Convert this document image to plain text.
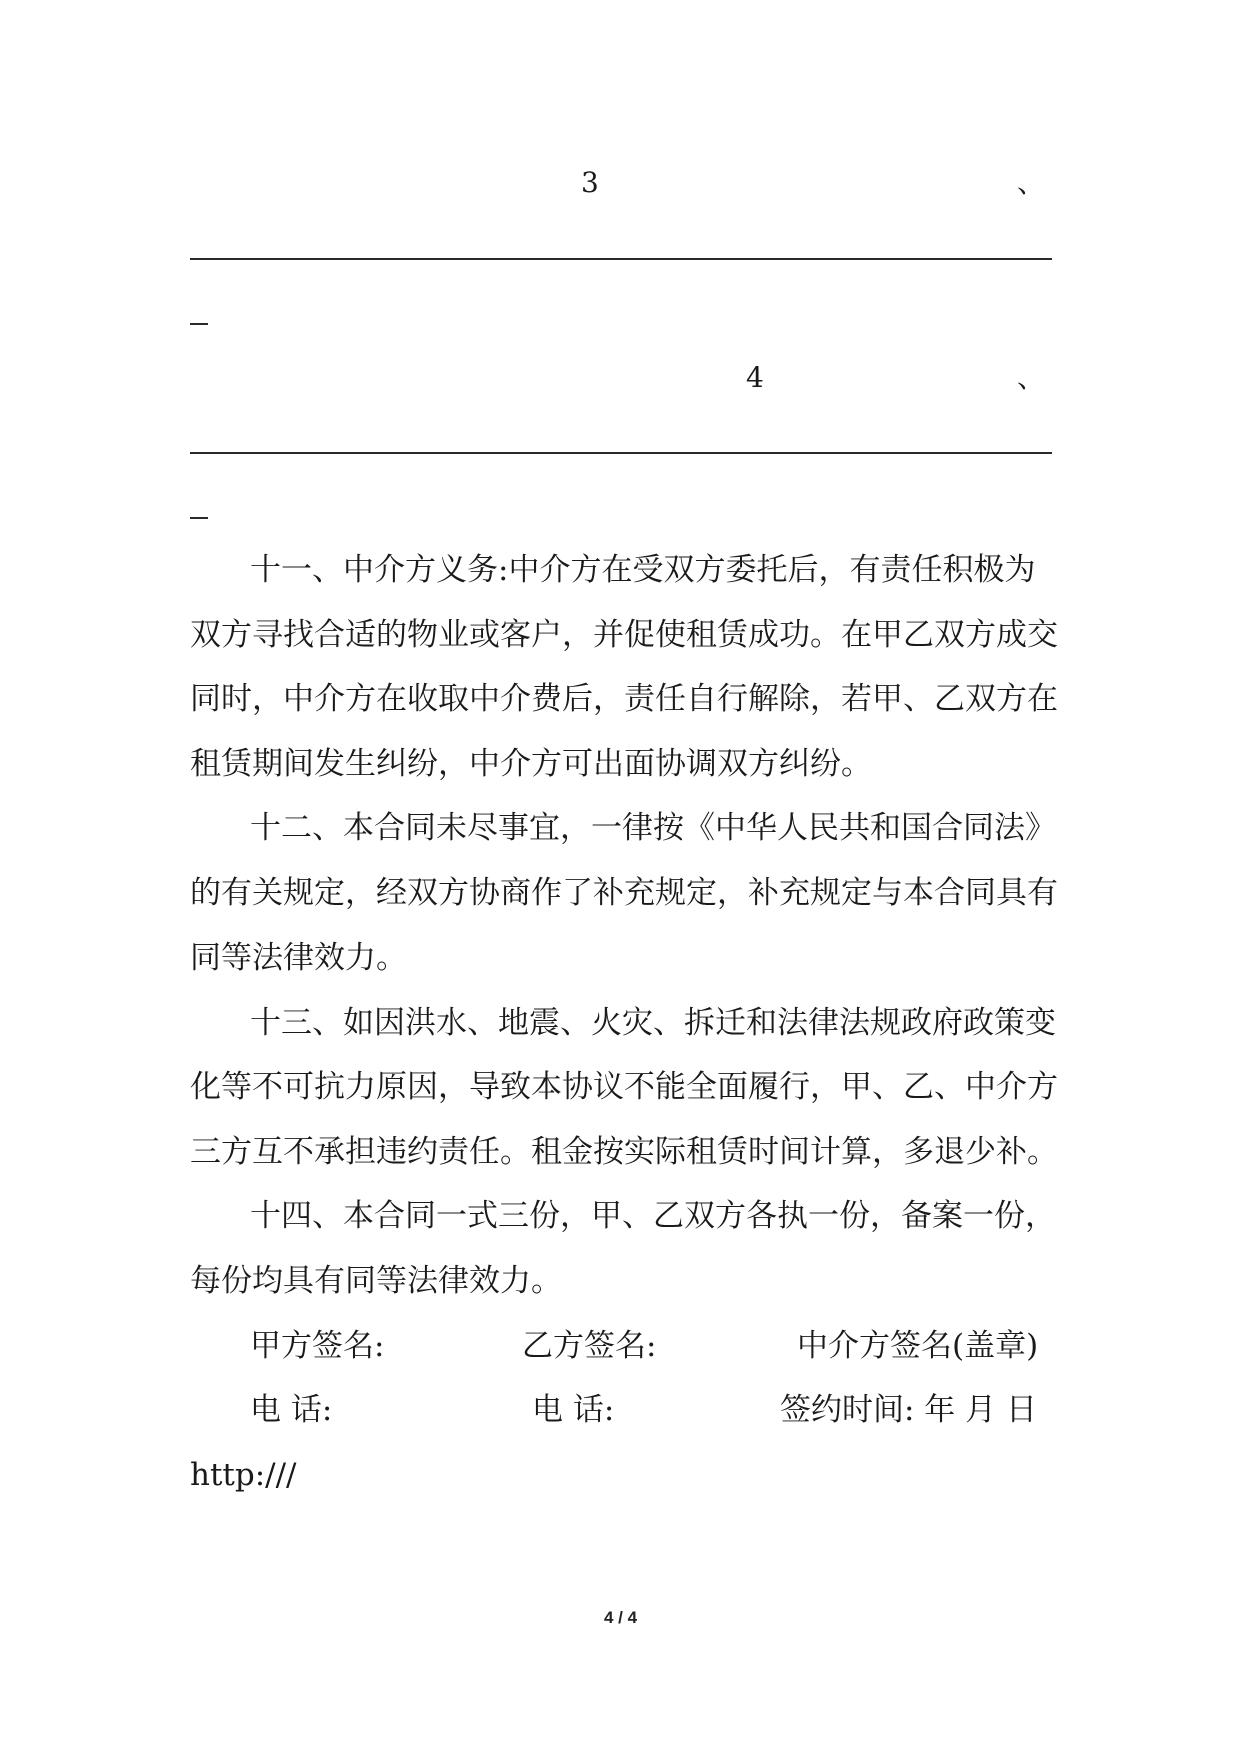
3	、
4	、
十一、中介方义务:中介方在受双方委托后，有责任积极为
双方寻找合适的物业或客户，并促使租赁成功。在甲乙双方成交
同时，中介方在收取中介费后，责任自行解除，若甲、乙双方在
租赁期间发生纠纷，中介方可出面协调双方纠纷。
十二、本合同未尽事宜，一律按《中华人民共和国合同法》
的有关规定，经双方协商作了补充规定，补充规定与本合同具有
同等法律效力。
十三、如因洪水、地震、火灾、拆迁和法律法规政府政策变
化等不可抗力原因，导致本协议不能全面履行，甲、乙、中介方
三方互不承担违约责任。租金按实际租赁时间计算，多退少补。
十四、本合同一式三份，甲、乙双方各执一份，备案一份，
每份均具有同等法律效力。
甲方签名:	乙方签名:	中介方签名(盖章)
电 话:	电 话:	签约时间: 年 月 日
http:///
4 / 4
